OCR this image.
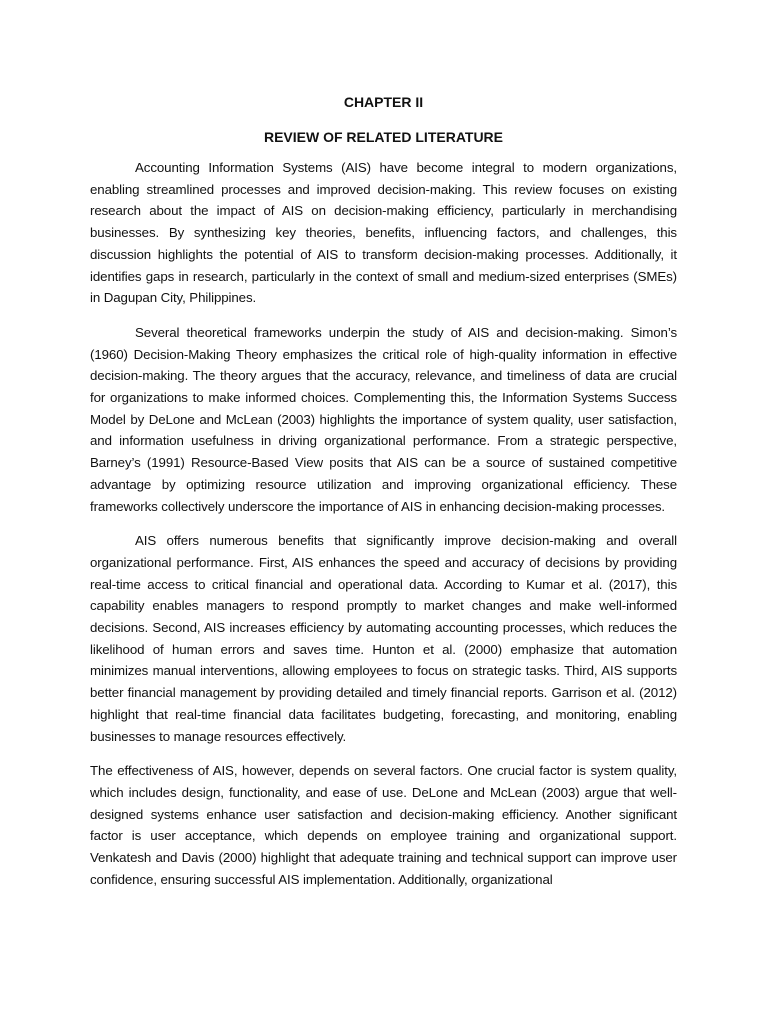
CHAPTER II
REVIEW OF RELATED LITERATURE

Accounting Information Systems (AIS) have become integral to modern organizations, enabling streamlined processes and improved decision-making. This review focuses on existing research about the impact of AIS on decision-making efficiency, particularly in merchandising businesses. By synthesizing key theories, benefits, influencing factors, and challenges, this discussion highlights the potential of AIS to transform decision-making processes. Additionally, it identifies gaps in research, particularly in the context of small and medium-sized enterprises (SMEs) in Dagupan City, Philippines.

Several theoretical frameworks underpin the study of AIS and decision-making. Simon’s (1960) Decision-Making Theory emphasizes the critical role of high-quality information in effective decision-making. The theory argues that the accuracy, relevance, and timeliness of data are crucial for organizations to make informed choices. Complementing this, the Information Systems Success Model by DeLone and McLean (2003) highlights the importance of system quality, user satisfaction, and information usefulness in driving organizational performance. From a strategic perspective, Barney’s (1991) Resource-Based View posits that AIS can be a source of sustained competitive advantage by optimizing resource utilization and improving organizational efficiency. These frameworks collectively underscore the importance of AIS in enhancing decision-making processes.

AIS offers numerous benefits that significantly improve decision-making and overall organizational performance. First, AIS enhances the speed and accuracy of decisions by providing real-time access to critical financial and operational data. According to Kumar et al. (2017), this capability enables managers to respond promptly to market changes and make well-informed decisions. Second, AIS increases efficiency by automating accounting processes, which reduces the likelihood of human errors and saves time. Hunton et al. (2000) emphasize that automation minimizes manual interventions, allowing employees to focus on strategic tasks. Third, AIS supports better financial management by providing detailed and timely financial reports. Garrison et al. (2012) highlight that real-time financial data facilitates budgeting, forecasting, and monitoring, enabling businesses to manage resources effectively.

The effectiveness of AIS, however, depends on several factors. One crucial factor is system quality, which includes design, functionality, and ease of use. DeLone and McLean (2003) argue that well-designed systems enhance user satisfaction and decision-making efficiency. Another significant factor is user acceptance, which depends on employee training and organizational support. Venkatesh and Davis (2000) highlight that adequate training and technical support can improve user confidence, ensuring successful AIS implementation. Additionally, organizational
